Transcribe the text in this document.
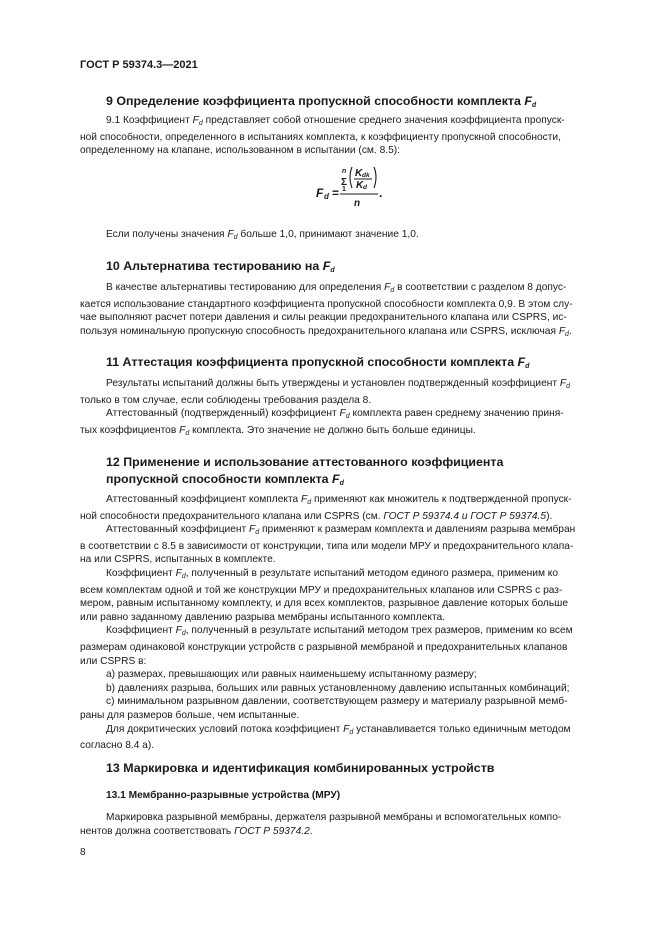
ГОСТ Р 59374.3—2021
9 Определение коэффициента пропускной способности комплекта $F_d$
9.1 Коэффициент $F_d$ представляет собой отношение среднего значения коэффициента пропуск-
ной способности, определенного в испытаниях комплекта, к коэффициенту пропускной способности,
определенному на клапане, использованном в испытании (см. 8.5):
F d =
n
Σ
1
K dk
K d
n
.
Если получены значения $F_d$ больше 1,0, принимают значение 1,0.
10 Альтернатива тестированию на $F_d$
В качестве альтернативы тестированию для определения $F_d$ в соответствии с разделом 8 допус-
кается использование стандартного коэффициента пропускной способности комплекта 0,9. В этом слу-
чае выполняют расчет потери давления и силы реакции предохранительного клапана или CSPRS, ис-
пользуя номинальную пропускную способность предохранительного клапана или CSPRS, исключая $F_d$.
11 Аттестация коэффициента пропускной способности комплекта $F_d$
Результаты испытаний должны быть утверждены и установлен подтвержденный коэффициент $F_d$
только в том случае, если соблюдены требования раздела 8.
Аттестованный (подтвержденный) коэффициент $F_d$ комплекта равен среднему значению приня-
тых коэффициентов $F_d$ комплекта. Это значение не должно быть больше единицы.
12 Применение и использование аттестованного коэффициента
пропускной способности комплекта $F_d$
Аттестованный коэффициент комплекта $F_d$ применяют как множитель к подтвержденной пропуск-
ной способности предохранительного клапана или CSPRS (см. ГОСТ Р 59374.4 и ГОСТ Р 59374.5).
Аттестованный коэффициент $F_d$ применяют к размерам комплекта и давлениям разрыва мембран
в соответствии с 8.5 в зависимости от конструкции, типа или модели МРУ и предохранительного клапа-
на или CSPRS, испытанных в комплекте.
Коэффициент $F_d$, полученный в результате испытаний методом единого размера, применим ко
всем комплектам одной и той же конструкции МРУ и предохранительных клапанов или CSPRS с раз-
мером, равным испытанному комплекту, и для всех комплектов, разрывное давление которых больше
или равно заданному давлению разрыва мембраны испытанного комплекта.
Коэффициент $F_d$, полученный в результате испытаний методом трех размеров, применим ко всем
размерам одинаковой конструкции устройств с разрывной мембраной и предохранительных клапанов
или CSPRS в:
а) размерах, превышающих или равных наименьшему испытанному размеру;
b) давлениях разрыва, больших или равных установленному давлению испытанных комбинаций;
с) минимальном разрывном давлении, соответствующем размеру и материалу разрывной мемб-
раны для размеров больше, чем испытанные.
Для докритических условий потока коэффициент $F_d$ устанавливается только единичным методом
согласно 8.4 а).
13 Маркировка и идентификация комбинированных устройств
13.1 Мембранно-разрывные устройства (МРУ)
Маркировка разрывной мембраны, держателя разрывной мембраны и вспомогательных компо-
нентов должна соответствовать ГОСТ Р 59374.2.
8
